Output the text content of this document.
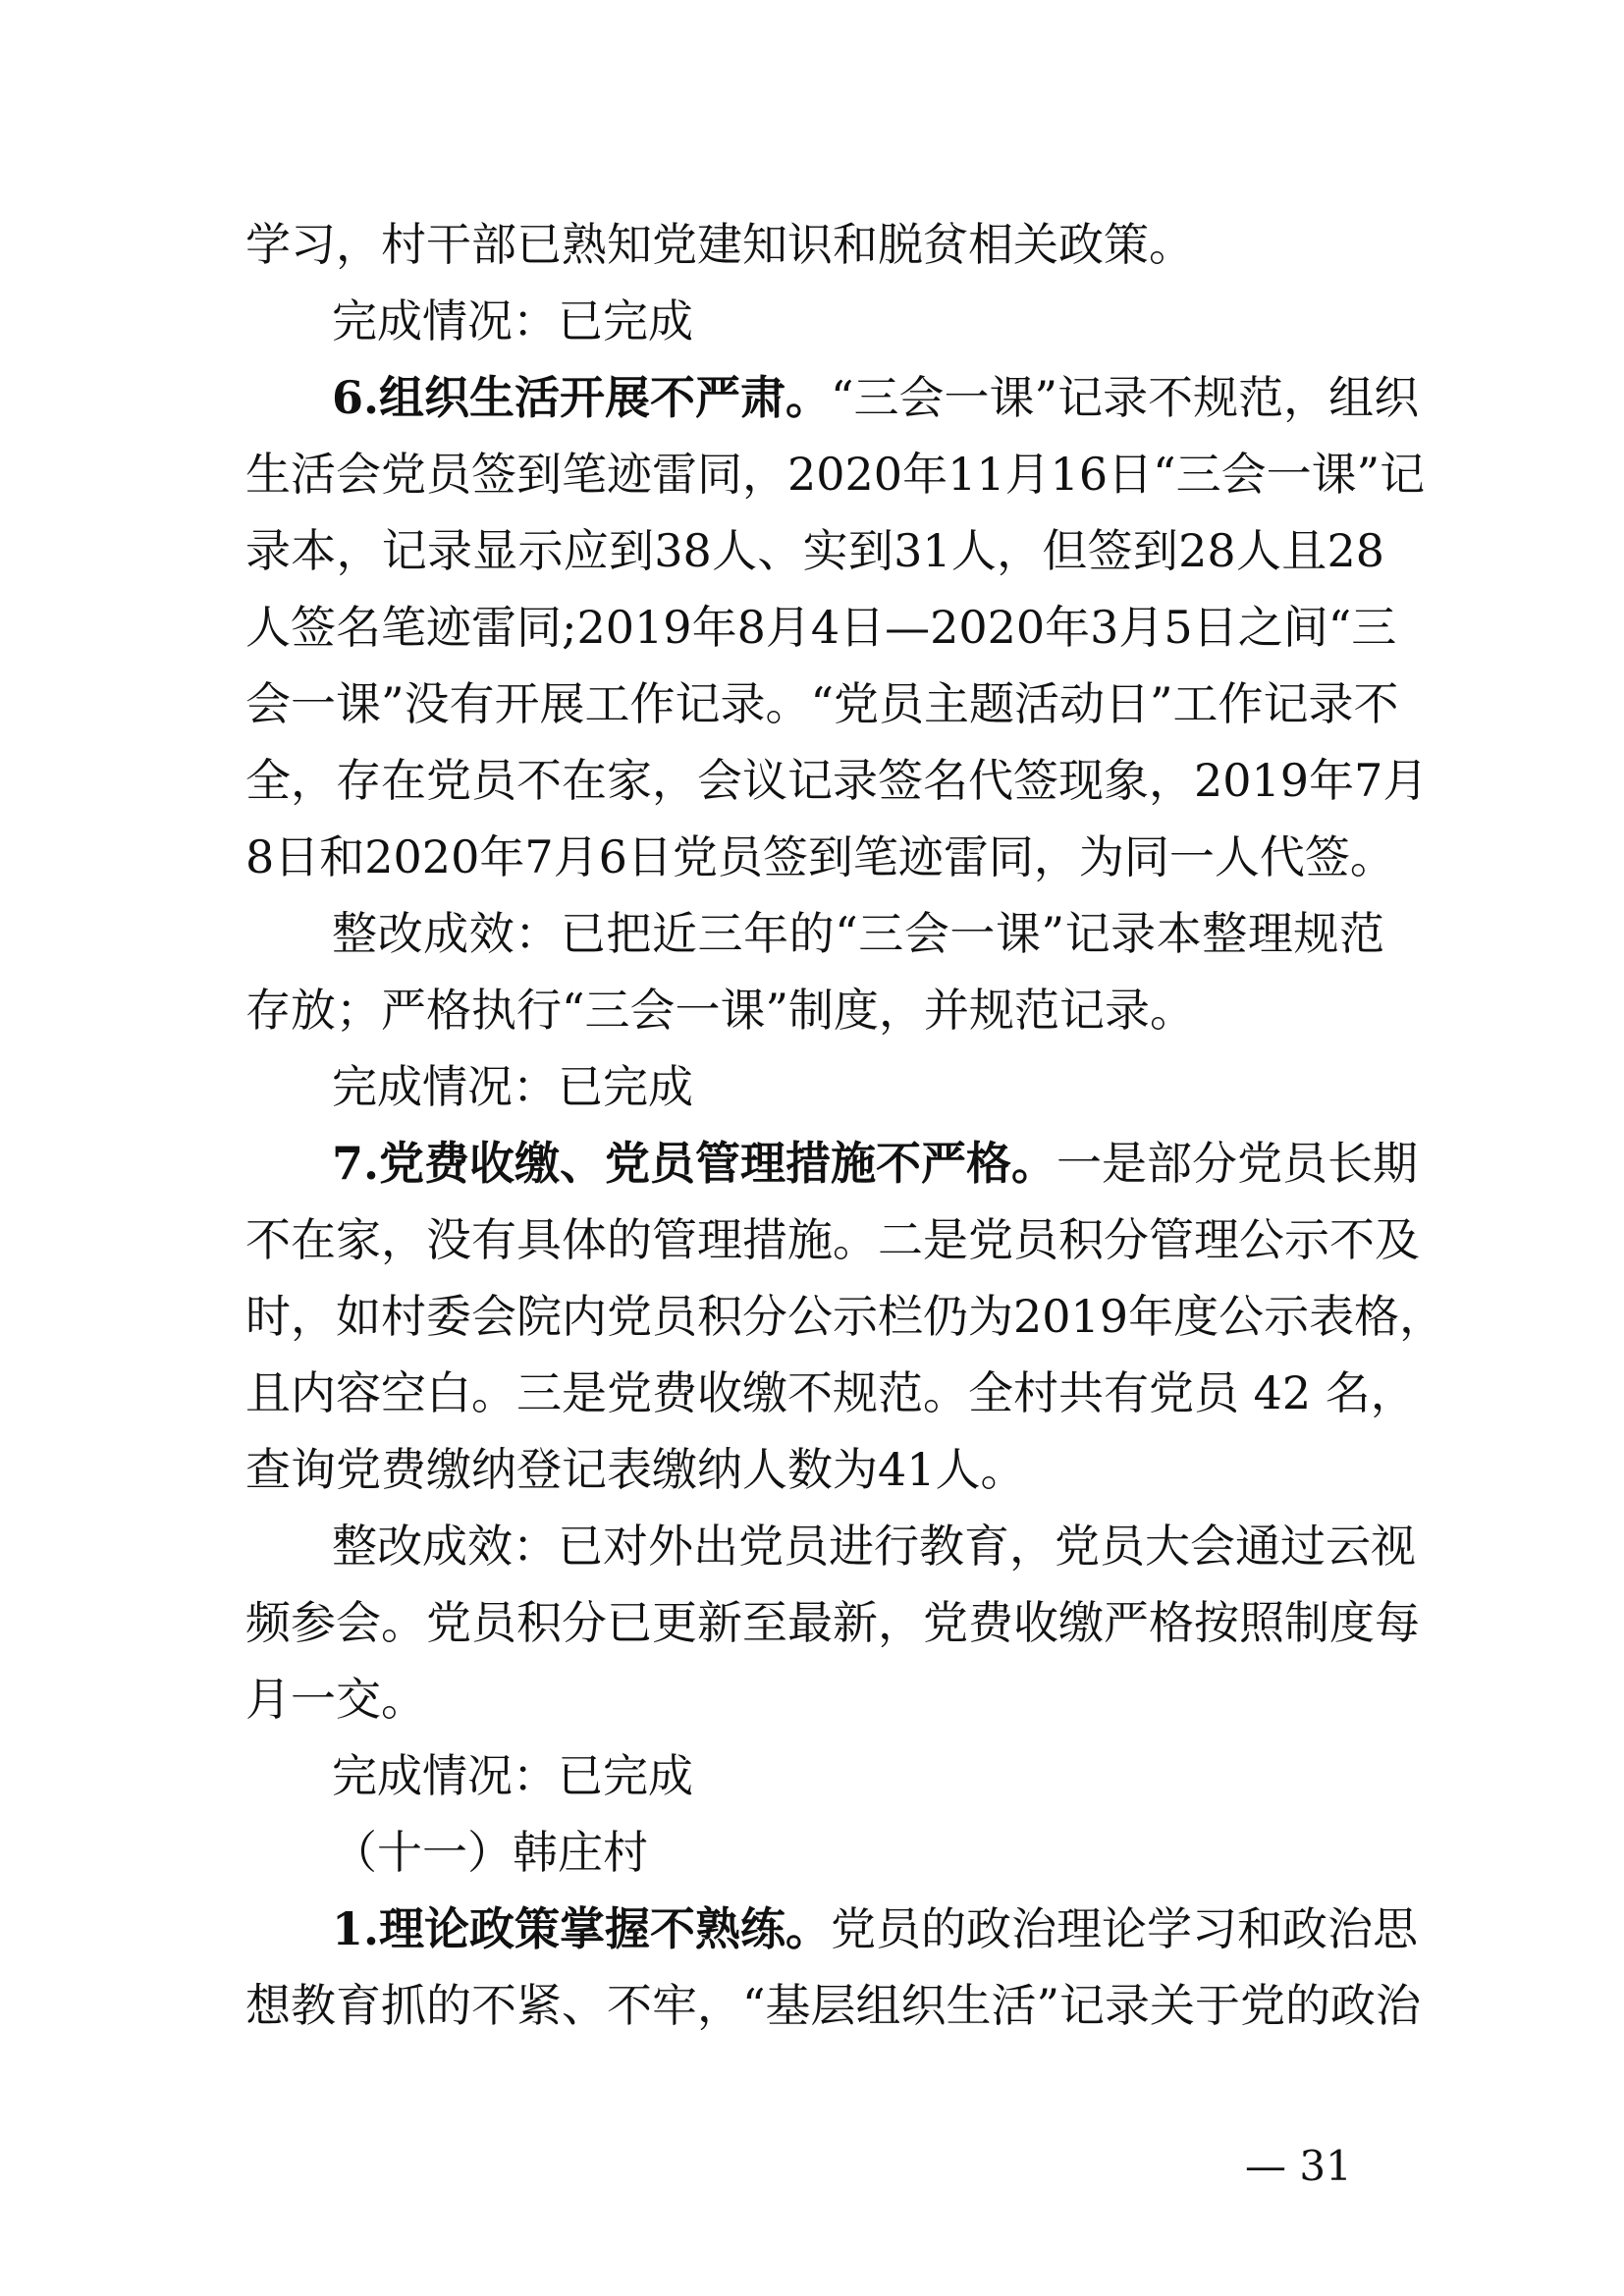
学习，村干部已熟知党建知识和脱贫相关政策。
完成情况：已完成
6.组织生活开展不严肃。“三会一课”记录不规范，组织
生活会党员签到笔迹雷同，2020年11月16日“三会一课”记
录本，记录显示应到38人、实到31人，但签到28人且28
人签名笔迹雷同;2019年8月4日—2020年3月5日之间“三
会一课”没有开展工作记录。“党员主题活动日”工作记录不
全，存在党员不在家，会议记录签名代签现象，2019年7月
8日和2020年7月6日党员签到笔迹雷同，为同一人代签。
整改成效：已把近三年的“三会一课”记录本整理规范
存放；严格执行“三会一课”制度，并规范记录。
完成情况：已完成
7.党费收缴、党员管理措施不严格。一是部分党员长期
不在家，没有具体的管理措施。二是党员积分管理公示不及
时，如村委会院内党员积分公示栏仍为2019年度公示表格，
且内容空白。三是党费收缴不规范。全村共有党员 42 名，
查询党费缴纳登记表缴纳人数为41人。
整改成效：已对外出党员进行教育，党员大会通过云视
频参会。党员积分已更新至最新，党费收缴严格按照制度每
月一交。
完成情况：已完成
（十一）韩庄村
1.理论政策掌握不熟练。党员的政治理论学习和政治思
想教育抓的不紧、不牢，“基层组织生活”记录关于党的政治
— 31
